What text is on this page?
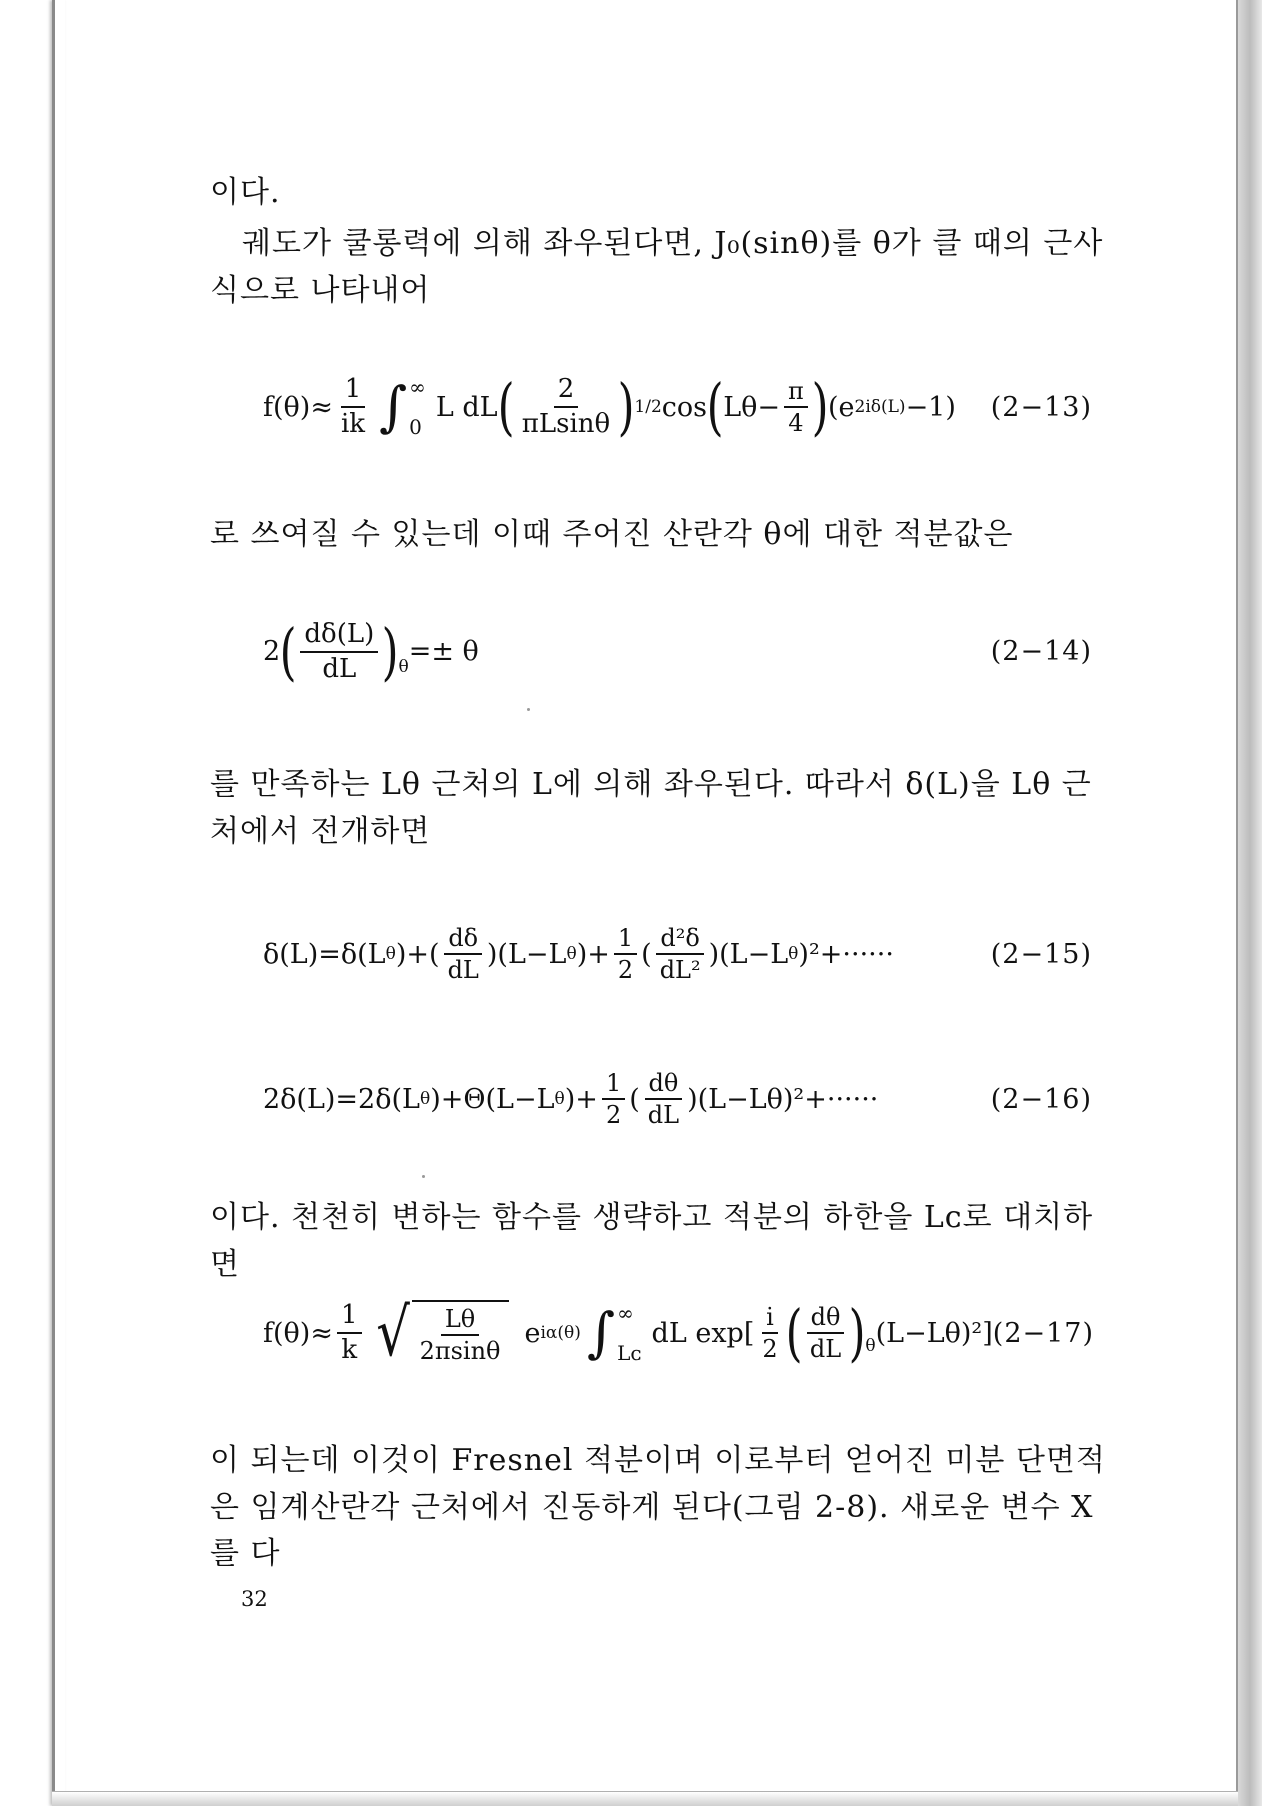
이다.
궤도가 쿨롱력에 의해 좌우된다면, J₀(sinθ)를 θ가 클 때의 근사식으로 나타내어
$f(\theta)\approx \frac{1}{ik}$ ∫ ∞
0
L dL ( $\frac{2}{\pi Lsin\theta}$ ) 1/2 cos ( $L\theta- \frac{\pi}{4}$ ) (e 2iδ(L) −1) (2−13)
로 쓰여질 수 있는데 이때 주어진 산란각 θ에 대한 적분값은
2 ( $\frac{d\delta(L)}{dL} )_\theta =\pm \theta$	(2−14)
를 만족하는 Lθ 근처의 L에 의해 좌우된다. 따라서 δ(L)을 Lθ 근처에서 전개하면
δ(L)=δ(L θ )+( $\frac{d\delta}{dL} )(L-L$ θ )+ $\frac{1}{2}$ ( $\frac{\text{d²δ}}{\text{dL²}} )(L-L$ θ )²+······	(2−15)
2δ(L)=2δ(L θ )+Θ(L−L θ )+ $\frac{1}{2}$ ( $\frac{d\theta}{dL} )(L-L\theta)^2+\cdot\cdot\cdot\cdot\cdot\cdot$	(2−16)
이다. 천천히 변하는 함수를 생략하고 적분의 하한을 Lᴄ로 대치하면
$f(\theta)\approx \frac{1}{k}$ √ $\frac{L\theta}{2\pi\sin\theta}$ e iα(θ) ∫ ∞
Lᴄ
dL $\exp[ \frac{i}{2}$ ( $\frac{d\theta}{dL} )_\theta$ (L−Lθ)²] (2−17)
이 되는데 이것이 Fresnel 적분이며 이로부터 얻어진 미분 단면적은 임계산란각 근처에서 진동하게 된다(그림 2-8). 새로운 변수 X를 다
32
